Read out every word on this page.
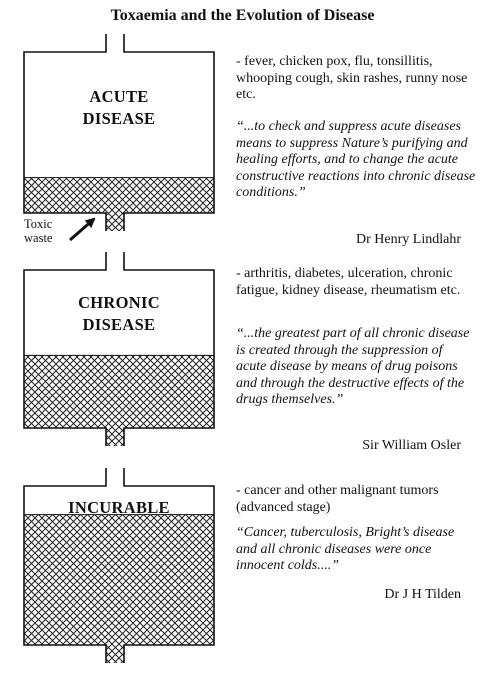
Toxaemia and the Evolution of Disease
ACUTE
DISEASE
Toxic
waste
- fever, chicken pox, flu, tonsillitis, whooping cough, skin rashes, runny nose etc.
“...to check and suppress acute diseases means to suppress Nature’s purifying and healing efforts, and to change the acute constructive reactions into chronic disease conditions.”
Dr Henry Lindlahr
CHRONIC
DISEASE
- arthritis, diabetes, ulceration, chronic fatigue, kidney disease, rheumatism etc.
“...the greatest part of all chronic disease is created through the suppression of acute disease by means of drug poisons and through the destructive effects of the drugs themselves.”
Sir William Osler
INCURABLE
- cancer and other malignant tumors (advanced stage)
“Cancer, tuberculosis, Bright’s disease and all chronic diseases were once innocent colds....”
Dr J H Tilden
